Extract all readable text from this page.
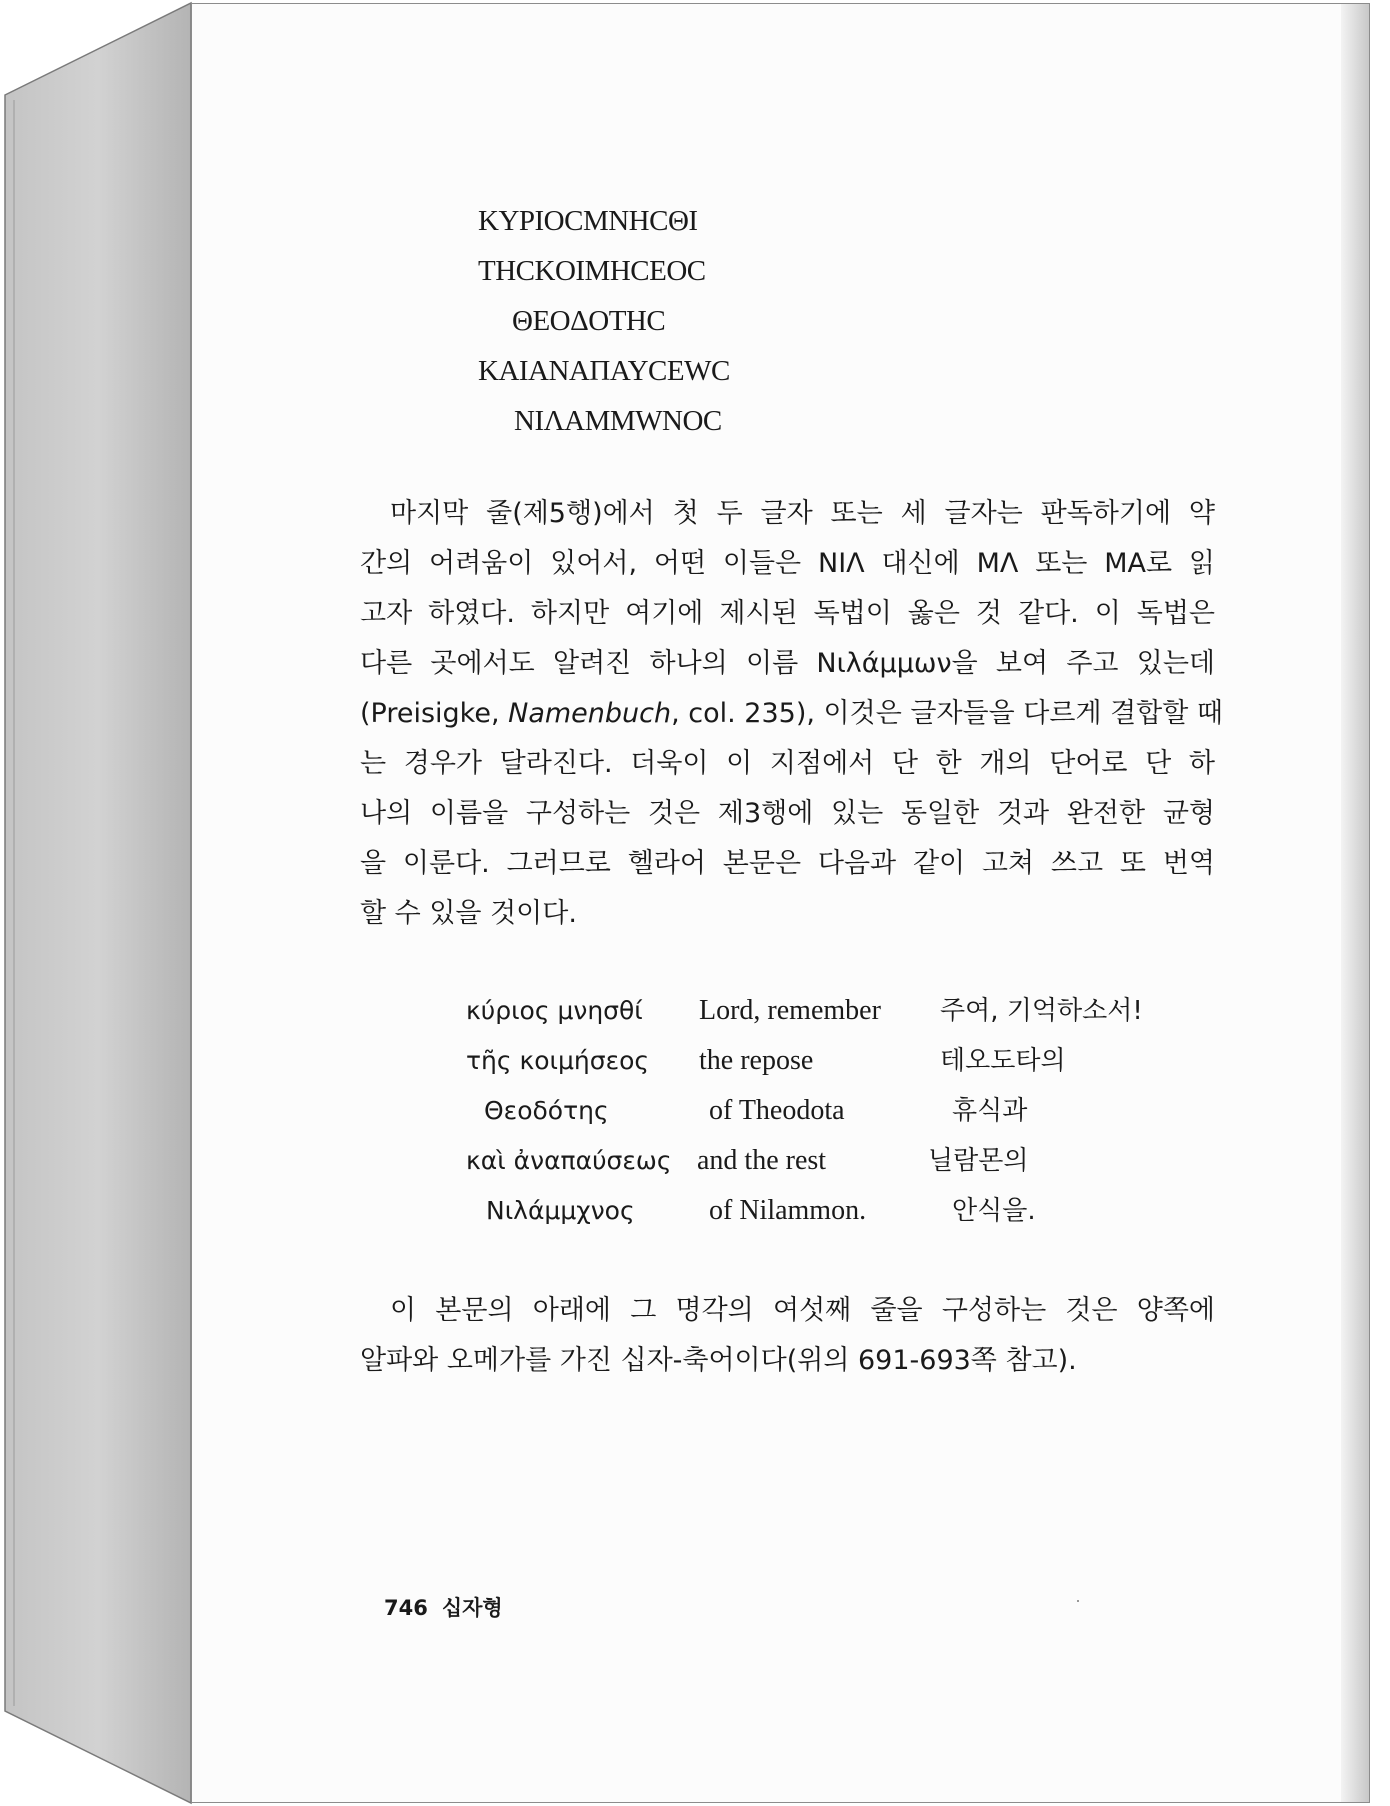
KYPIOCMNHCΘI
THCKOIMHCEOC
ΘEOΔOTHC
KAIANAΠAYCEWC
NIΛAMMWNOC
마지막 줄(제5행)에서 첫 두 글자 또는 세 글자는 판독하기에 약
간의 어려움이 있어서, 어떤 이들은 NIΛ 대신에 MΛ 또는 MA로 읽
고자 하였다. 하지만 여기에 제시된 독법이 옳은 것 같다. 이 독법은
다른 곳에서도 알려진 하나의 이름 Νιλάμμων을 보여 주고 있는데
(Preisigke, Namenbuch, col. 235), 이것은 글자들을 다르게 결합할 때
는 경우가 달라진다. 더욱이 이 지점에서 단 한 개의 단어로 단 하
나의 이름을 구성하는 것은 제3행에 있는 동일한 것과 완전한 균형
을 이룬다. 그러므로 헬라어 본문은 다음과 같이 고쳐 쓰고 또 번역
할 수 있을 것이다.
κύριος μνησθί Lord, remember 주여, 기억하소서!
τῆς κοιμήσεος the repose	테오도타의
Θεοδότης	of Theodota	휴식과
καὶ ἀναπαύσεως and the rest	닐람몬의
Νιλάμμχνος	of Nilammon.	안식을.
이 본문의 아래에 그 명각의 여섯째 줄을 구성하는 것은 양쪽에
알파와 오메가를 가진 십자-축어이다(위의 691-693쪽 참고).
746 십자형
